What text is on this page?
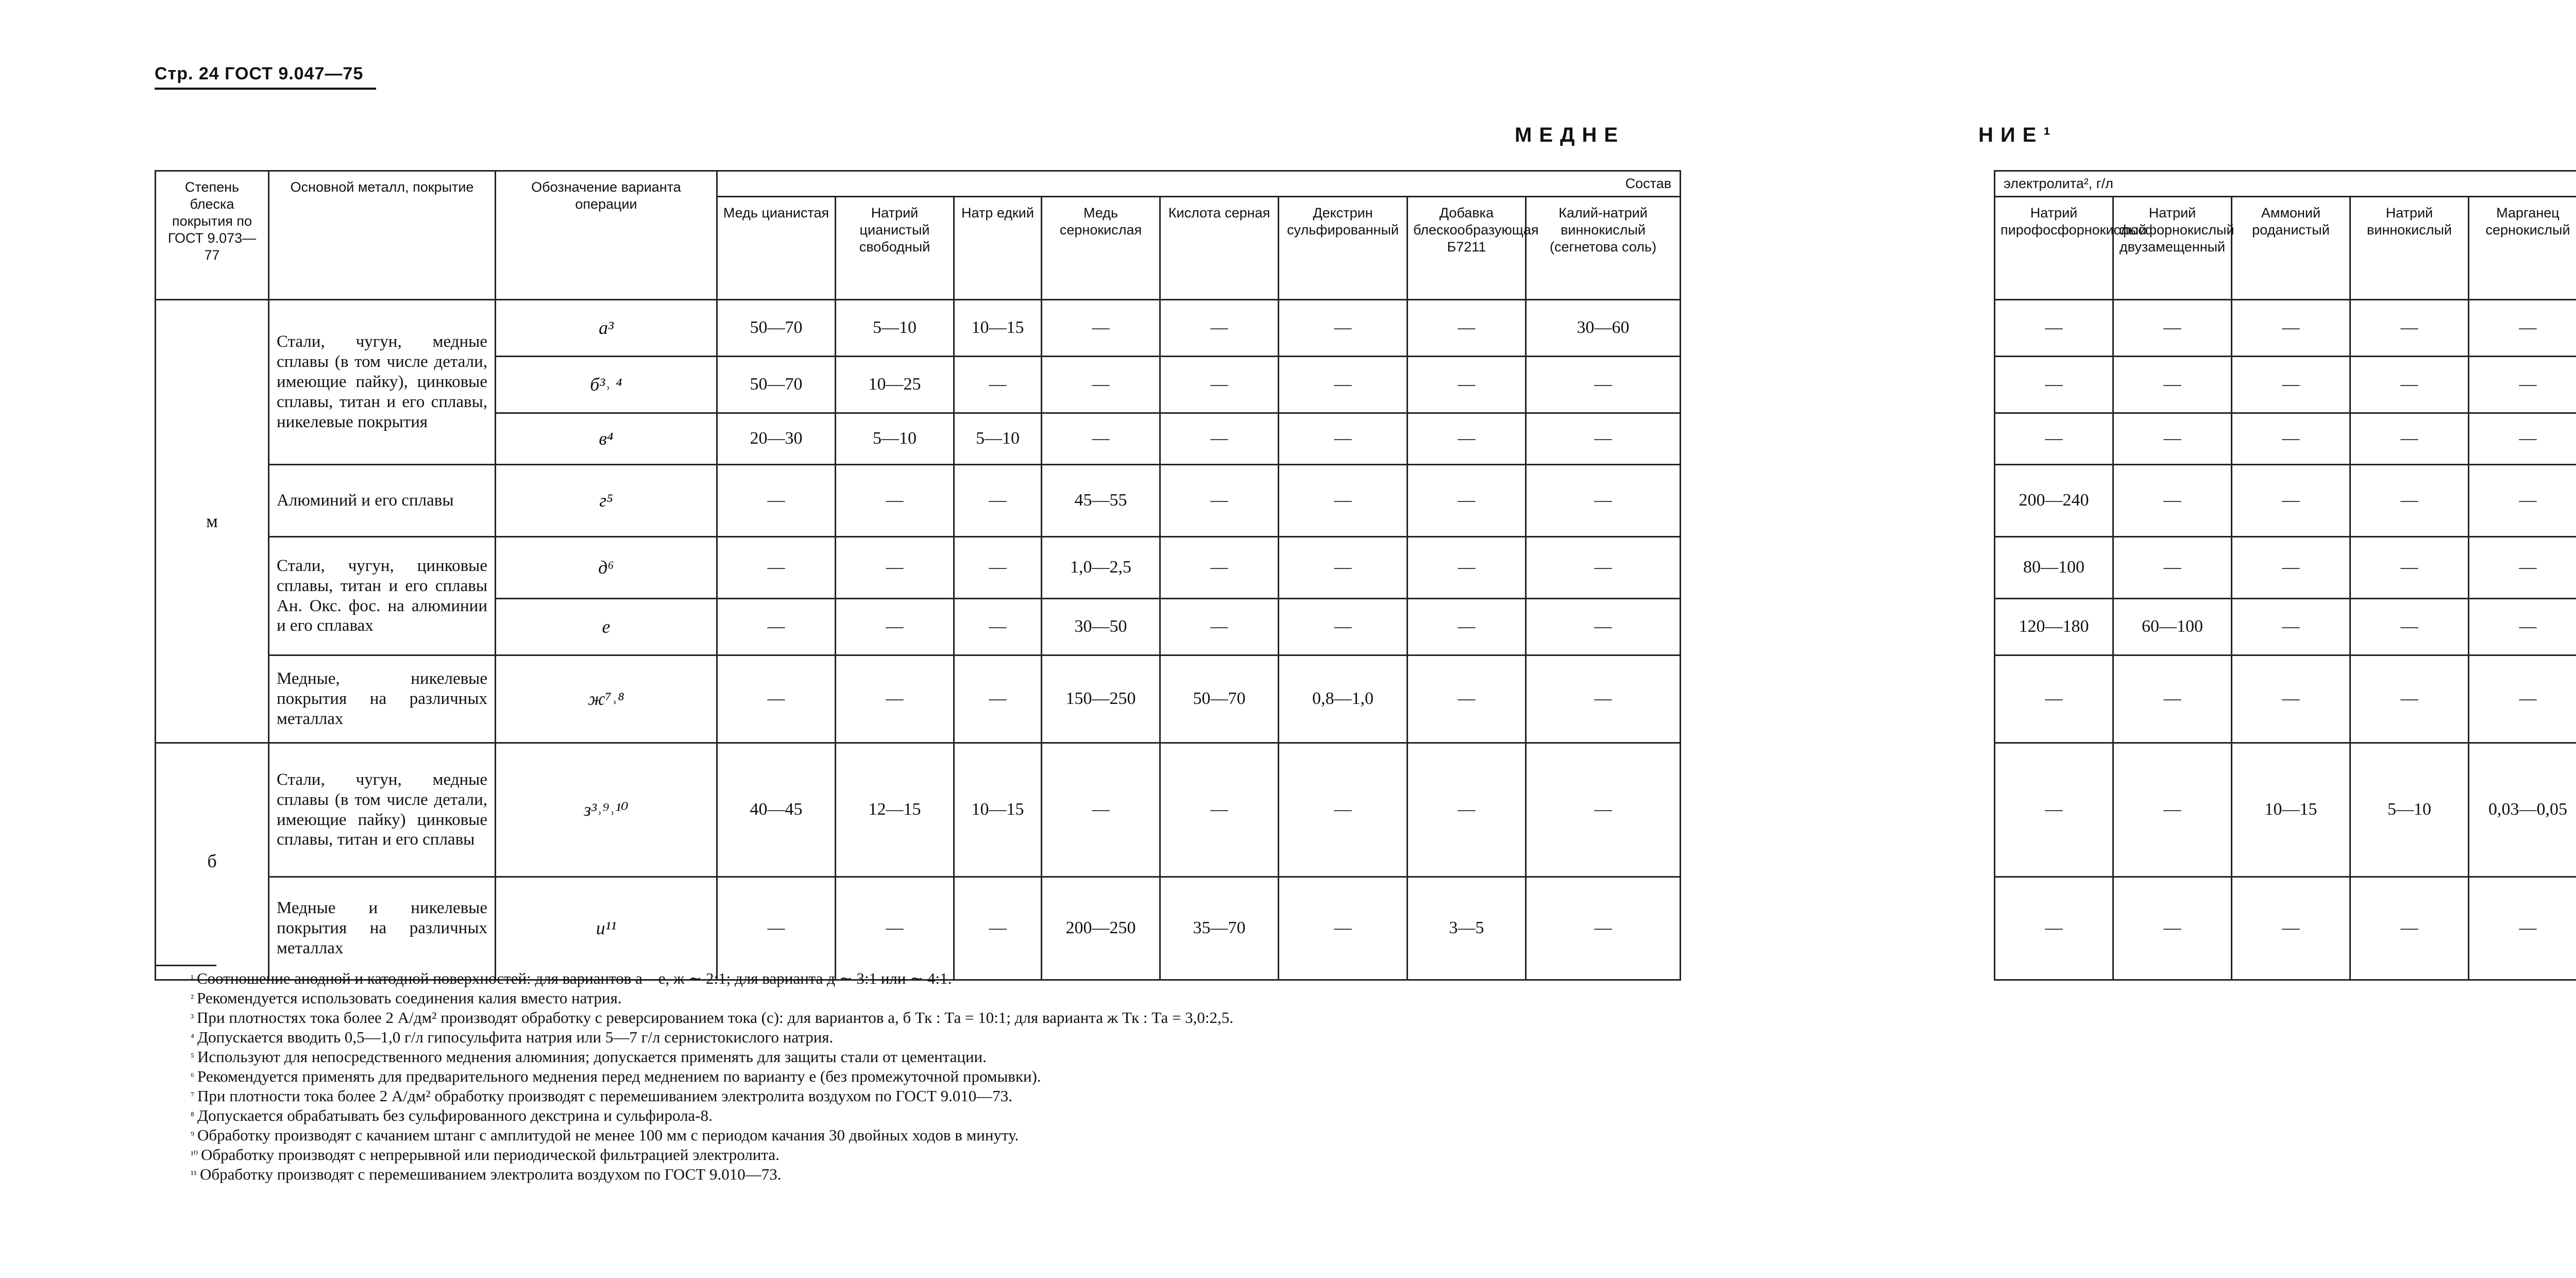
Стр. 24 ГОСТ 9.047—75
МЕДНЕ
Степень блеска покрытия по ГОСТ 9.073—77	Основной металл, покрытие	Обозначение варианта операции	Состав							
			Медь цианистая	Натрий цианистый свободный	Натр едкий	Медь сернокислая	Кислота серная	Декстрин сульфированный	Добавка блескообразующая Б7211	Калий-натрий виннокислый (сегнетова соль)
м	Стали, чугун, медные сплавы (в том числе детали, имеющие пайку), цинковые сплавы, титан и его сплавы, никелевые покрытия	а³	50—70	5—10	10—15	—	—	—	—	30—60
		б³˒ ⁴	50—70	10—25	—	—	—	—	—	—
		в⁴	20—30	5—10	5—10	—	—	—	—	—
	Алюминий и его сплавы	г⁵	—	—	—	45—55	—	—	—	—
	Стали, чугун, цинковые сплавы, титан и его сплавы Ан. Окс. фос. на алюминии и его сплавах	д⁶	—	—	—	1,0—2,5	—	—	—	—
		е	—	—	—	30—50	—	—	—	—
	Медные, никелевые покрытия на различных металлах	ж⁷˒⁸	—	—	—	150—250	50—70	0,8—1,0	—	—
б	Стали, чугун, медные сплавы (в том числе детали, имеющие пайку) цинковые сплавы, титан и его сплавы	з³˒⁹˒¹⁰	40—45	12—15	10—15	—	—	—	—	—
	Медные и никелевые покрытия на различных металлах	и¹¹	—	—	—	200—250	35—70	—	3—5	—
$^{^1}$ Соотношение анодной и катодной поверхностей: для вариантов а—е, ж ∼ 2:1; для варианта д ∼ 3:1 или ∼ 4:1.
$^{^2}$ Рекомендуется использовать соединения калия вместо натрия.
$^{^3}$ При плотностях тока более 2 А/дм² производят обработку с реверсированием тока (с): для вариантов а, б Тк : Та = 10:1; для варианта ж Тк : Та = 3,0:2,5.
$^{^4}$ Допускается вводить 0,5—1,0 г/л гипосульфита натрия или 5—7 г/л сернистокислого натрия.
$^{^5}$ Используют для непосредственного меднения алюминия; допускается применять для защиты стали от цементации.
$^{^6}$ Рекомендуется применять для предварительного меднения перед меднением по варианту е (без промежуточной промывки).
$^{^7}$ При плотности тока более 2 А/дм² обработку производят с перемешиванием электролита воздухом по ГОСТ 9.010—73.
$^{^8}$ Допускается обрабатывать без сульфированного декстрина и сульфирола-8.
$^{^9}$ Обработку производят с качанием штанг с амплитудой не менее 100 мм с периодом качания 30 двойных ходов в минуту.
$^{^{10}}$ Обработку производят с непрерывной или периодической фильтрацией электролита.
$^{^{11}}$ Обработку производят с перемешиванием электролита воздухом по ГОСТ 9.010—73.
НИЕ¹
электролита², г/л			
Натрий пирофосфорнокислый	Натрий фосфорнокислый двузамещенный	Аммоний роданистый	Натрий виннокислый	Марганец сернокислый				
—	—	—	—	—						
—	—	—	—	—						
—	—	—	—	—						
200—240	—	—	—	—						
80—100	—	—	—	—						
120—180	60—100	—	—	—						
—	—	—	—	—						
—	—	10—15	5—10	0,03—0,05						
—	—	—	—	—						
